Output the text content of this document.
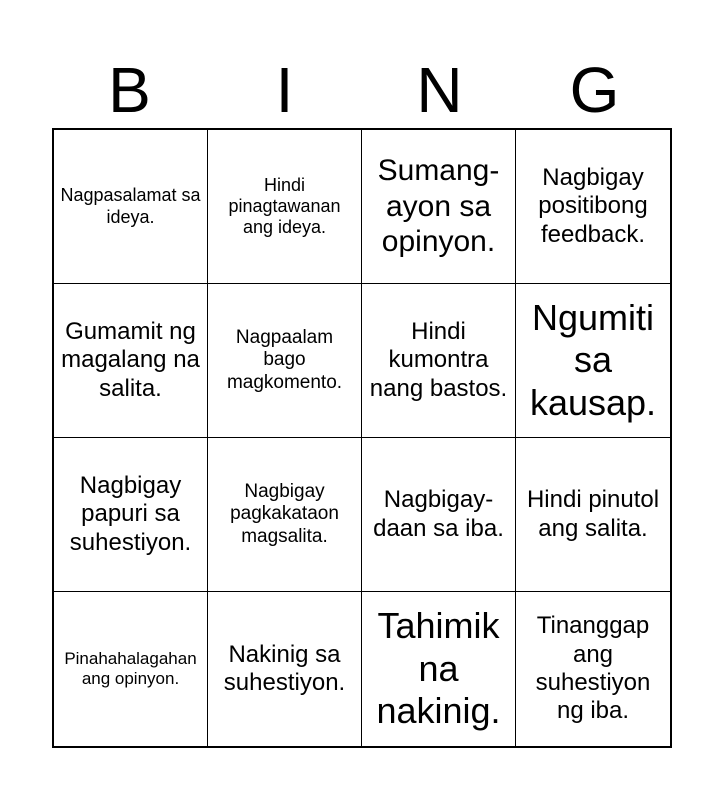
B	I	N	G
Nagpasalamat sa ideya.
Hindi pinagtawanan ang ideya.
Sumang-ayon sa opinyon.
Nagbigay positibong feedback.
Gumamit ng magalang na salita.
Nagpaalam bago magkomento.
Hindi kumontra nang bastos.
Ngumiti sa kausap.
Nagbigay papuri sa suhestiyon.
Nagbigay pagkakataon magsalita.
Nagbigay-daan sa iba.
Hindi pinutol ang salita.
Pinahahalagahan ang opinyon.
Nakinig sa suhestiyon.
Tahimik na nakinig.
Tinanggap ang suhestiyon ng iba.
